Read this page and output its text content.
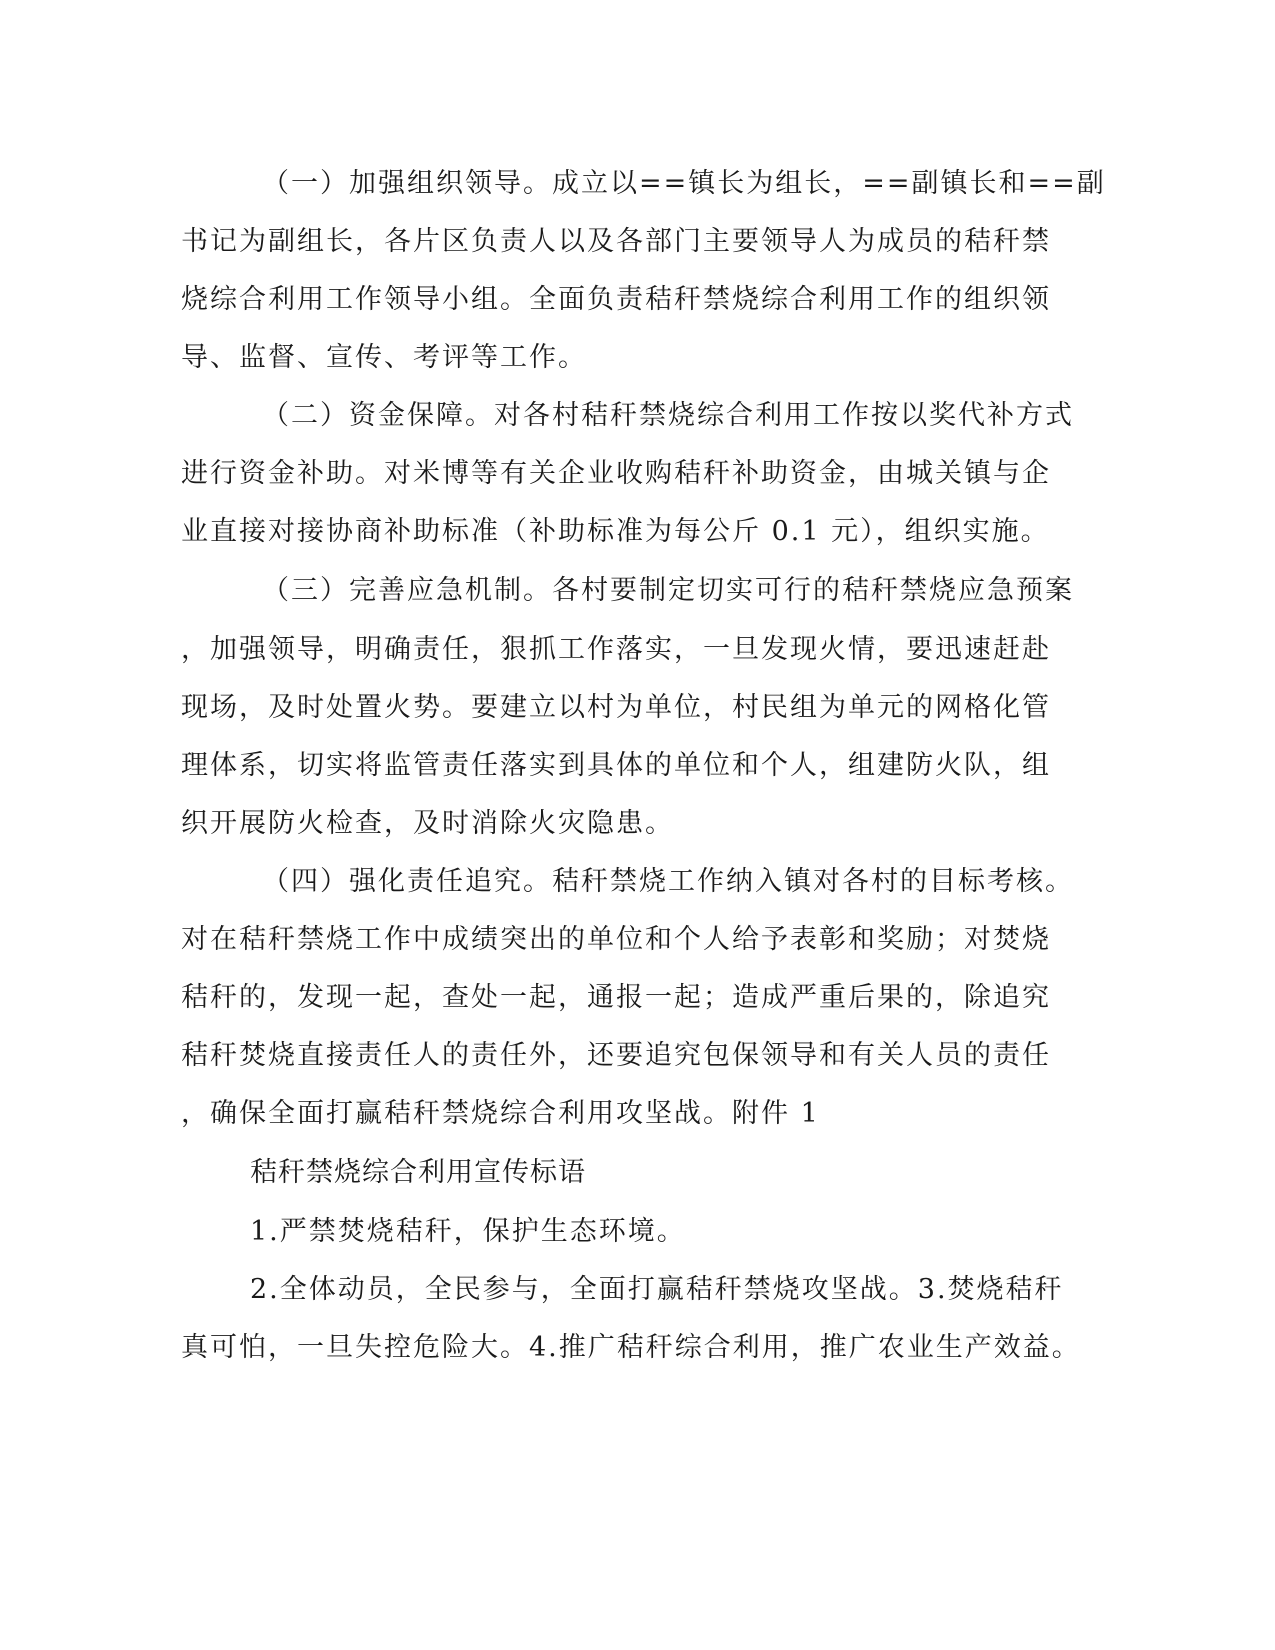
（一）加强组织领导。成立以==镇长为组长，==副镇长和==副

书记为副组长，各片区负责人以及各部门主要领导人为成员的秸秆禁

烧综合利用工作领导小组。全面负责秸秆禁烧综合利用工作的组织领

导、监督、宣传、考评等工作。

（二）资金保障。对各村秸秆禁烧综合利用工作按以奖代补方式

进行资金补助。对米博等有关企业收购秸秆补助资金，由城关镇与企

业直接对接协商补助标准（补助标准为每公斤 0.1 元），组织实施。

（三）完善应急机制。各村要制定切实可行的秸秆禁烧应急预案

，加强领导，明确责任，狠抓工作落实，一旦发现火情，要迅速赶赴

现场，及时处置火势。要建立以村为单位，村民组为单元的网格化管

理体系，切实将监管责任落实到具体的单位和个人，组建防火队，组

织开展防火检查，及时消除火灾隐患。

（四）强化责任追究。秸秆禁烧工作纳入镇对各村的目标考核。

对在秸秆禁烧工作中成绩突出的单位和个人给予表彰和奖励；对焚烧

秸秆的，发现一起，查处一起，通报一起；造成严重后果的，除追究

秸秆焚烧直接责任人的责任外，还要追究包保领导和有关人员的责任

，确保全面打赢秸秆禁烧综合利用攻坚战。附件 1

秸秆禁烧综合利用宣传标语

1.严禁焚烧秸秆，保护生态环境。

2.全体动员，全民参与，全面打赢秸秆禁烧攻坚战。3.焚烧秸秆

真可怕，一旦失控危险大。4.推广秸秆综合利用，推广农业生产效益。
